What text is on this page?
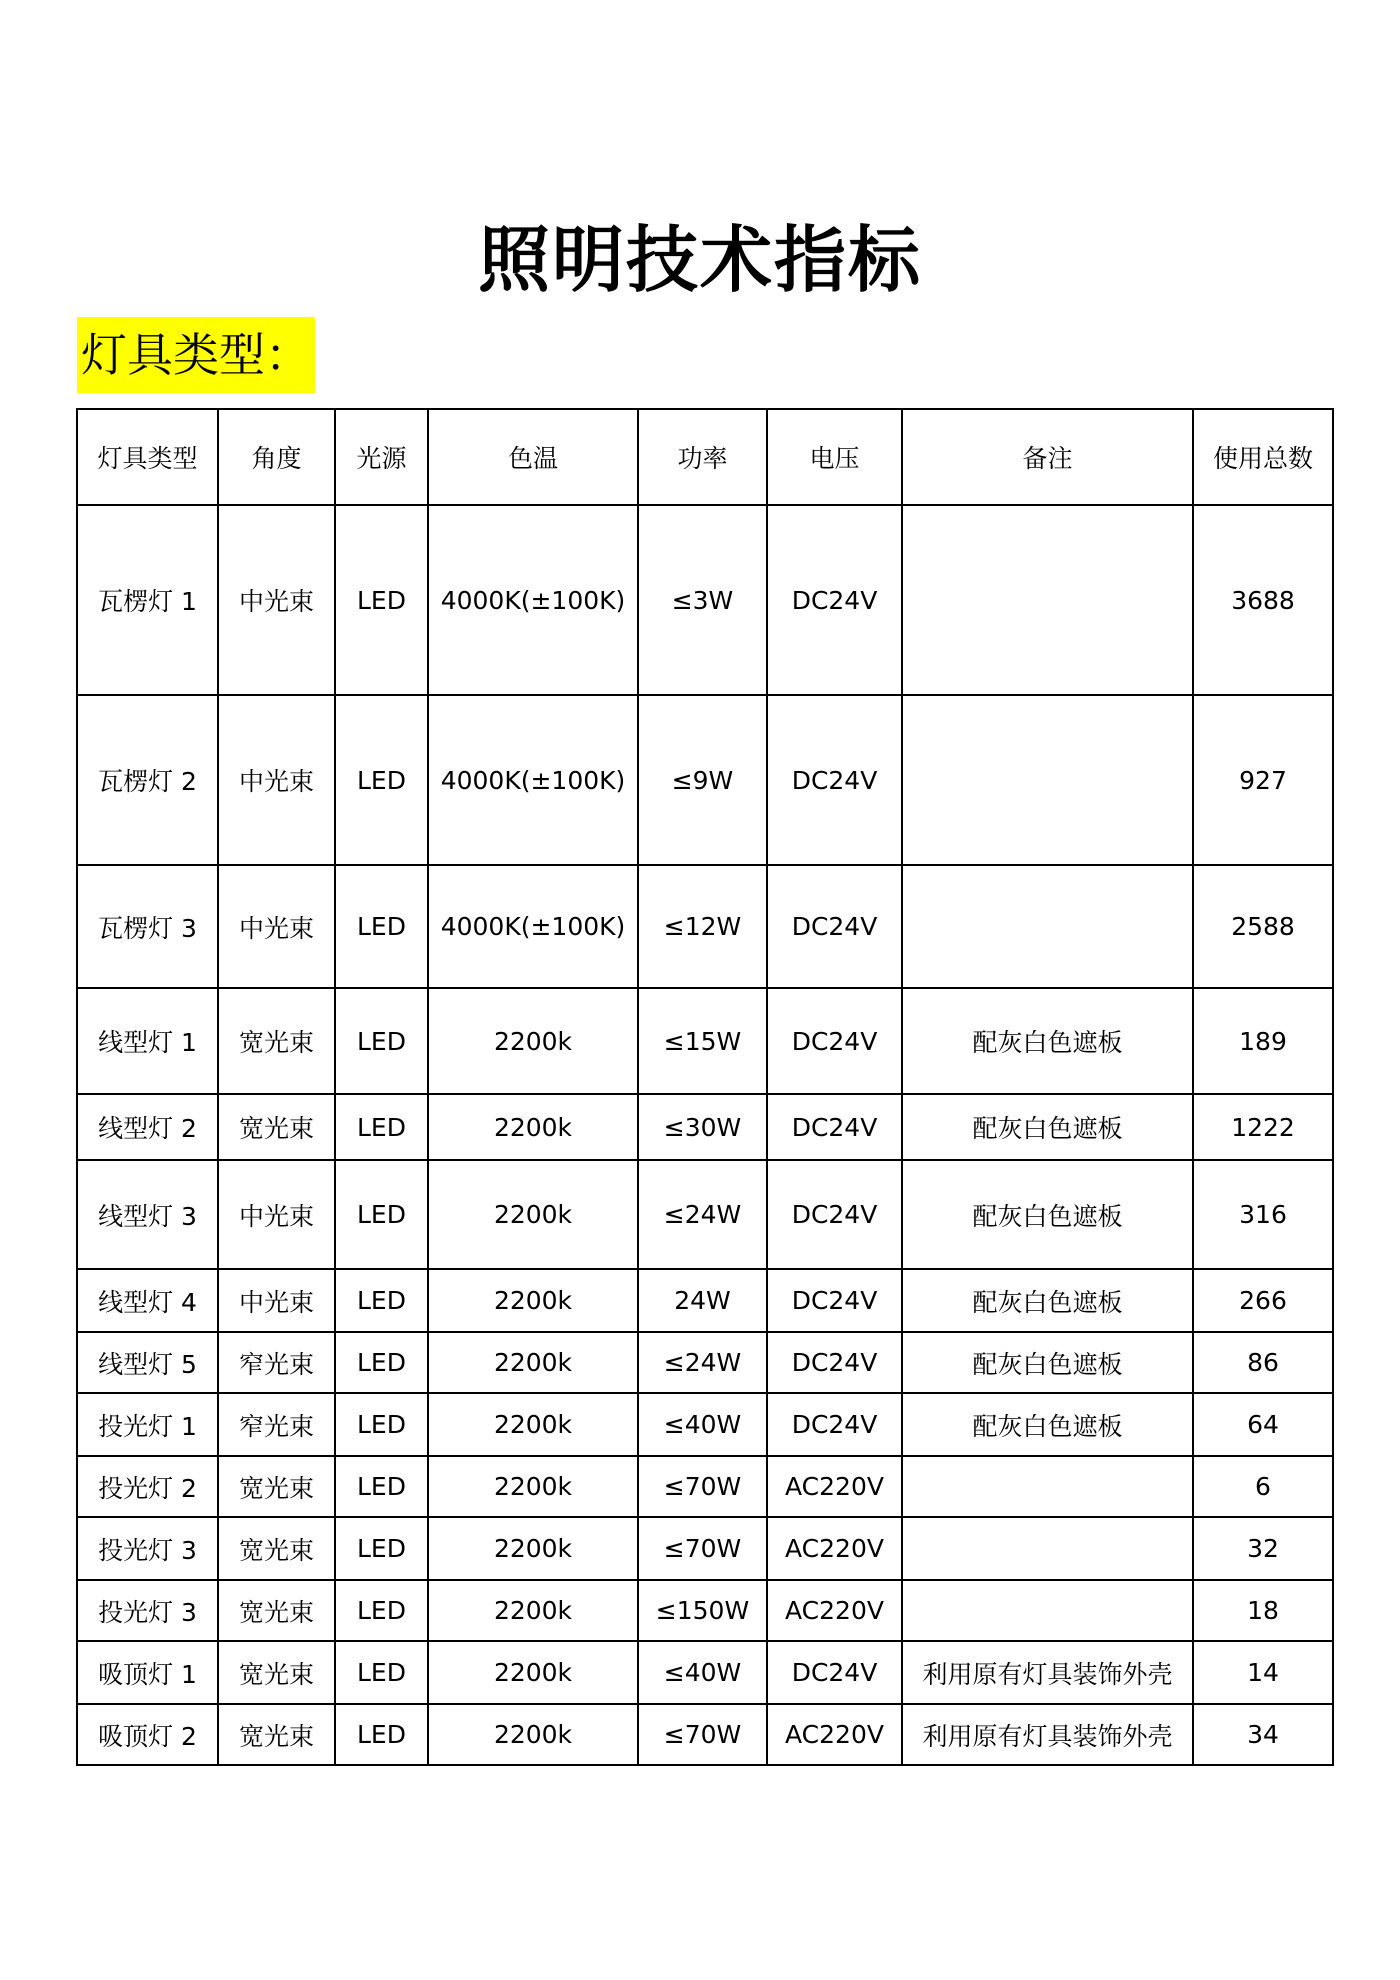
照明技术指标
灯具类型：
灯具类型	角度	光源	色温	功率	电压	备注	使用总数
瓦楞灯 1	中光束	LED	4000K(±100K)	≤3W	DC24V		3688
瓦楞灯 2	中光束	LED	4000K(±100K)	≤9W	DC24V		927
瓦楞灯 3	中光束	LED	4000K(±100K)	≤12W	DC24V		2588
线型灯 1	宽光束	LED	2200k	≤15W	DC24V	配灰白色遮板	189
线型灯 2	宽光束	LED	2200k	≤30W	DC24V	配灰白色遮板	1222
线型灯 3	中光束	LED	2200k	≤24W	DC24V	配灰白色遮板	316
线型灯 4	中光束	LED	2200k	24W	DC24V	配灰白色遮板	266
线型灯 5	窄光束	LED	2200k	≤24W	DC24V	配灰白色遮板	86
投光灯 1	窄光束	LED	2200k	≤40W	DC24V	配灰白色遮板	64
投光灯 2	宽光束	LED	2200k	≤70W	AC220V		6
投光灯 3	宽光束	LED	2200k	≤70W	AC220V		32
投光灯 3	宽光束	LED	2200k	≤150W	AC220V		18
吸顶灯 1	宽光束	LED	2200k	≤40W	DC24V	利用原有灯具装饰外壳	14
吸顶灯 2	宽光束	LED	2200k	≤70W	AC220V	利用原有灯具装饰外壳	34
